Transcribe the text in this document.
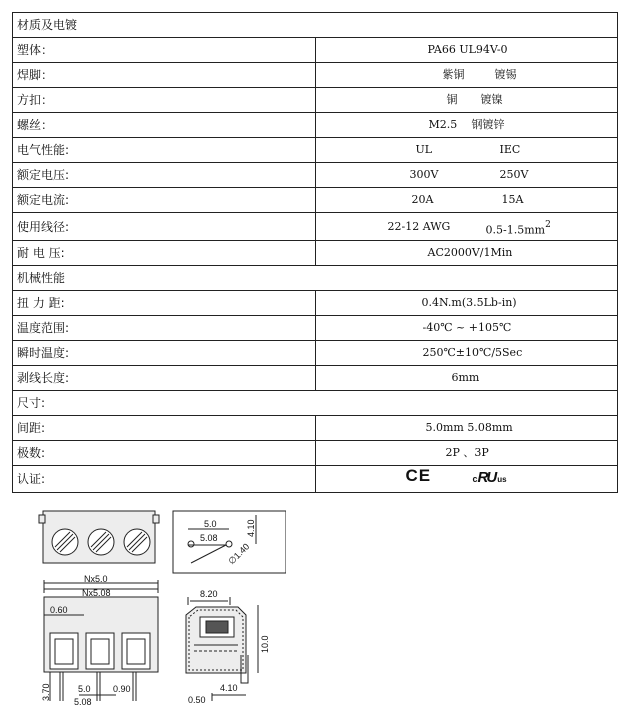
材质及电镀	
塑体：	PA66 UL94V-0

焊脚：	紫铜 镀锡

方扣：	铜 镀镍

螺丝：	M2.5 钢镀锌

电气性能:	UL IEC

额定电压:	300V 250V

额定电流:	20A 15A

使用线径:	22-12 AWG $0.5-1.5mm^2$

耐 电 压:	AC2000V/1Min

机械性能	
扭 力 距:	0.4N.m(3.5Lb-in)

温度范围:	-40℃ ~ +105℃

瞬时温度:	250℃±10℃/5Sec

剥线长度:	6mm

尺寸:	
间距:	5.0mm 5.08mm

极数:	2P 、3P

认证:	CE cRU us
5.0
5.08
4.10
∅1.40
Nx5.0
Nx5.08
0.60
3.70	5.0
5.08
0.90
8.20
10.0
0.50
4.10
